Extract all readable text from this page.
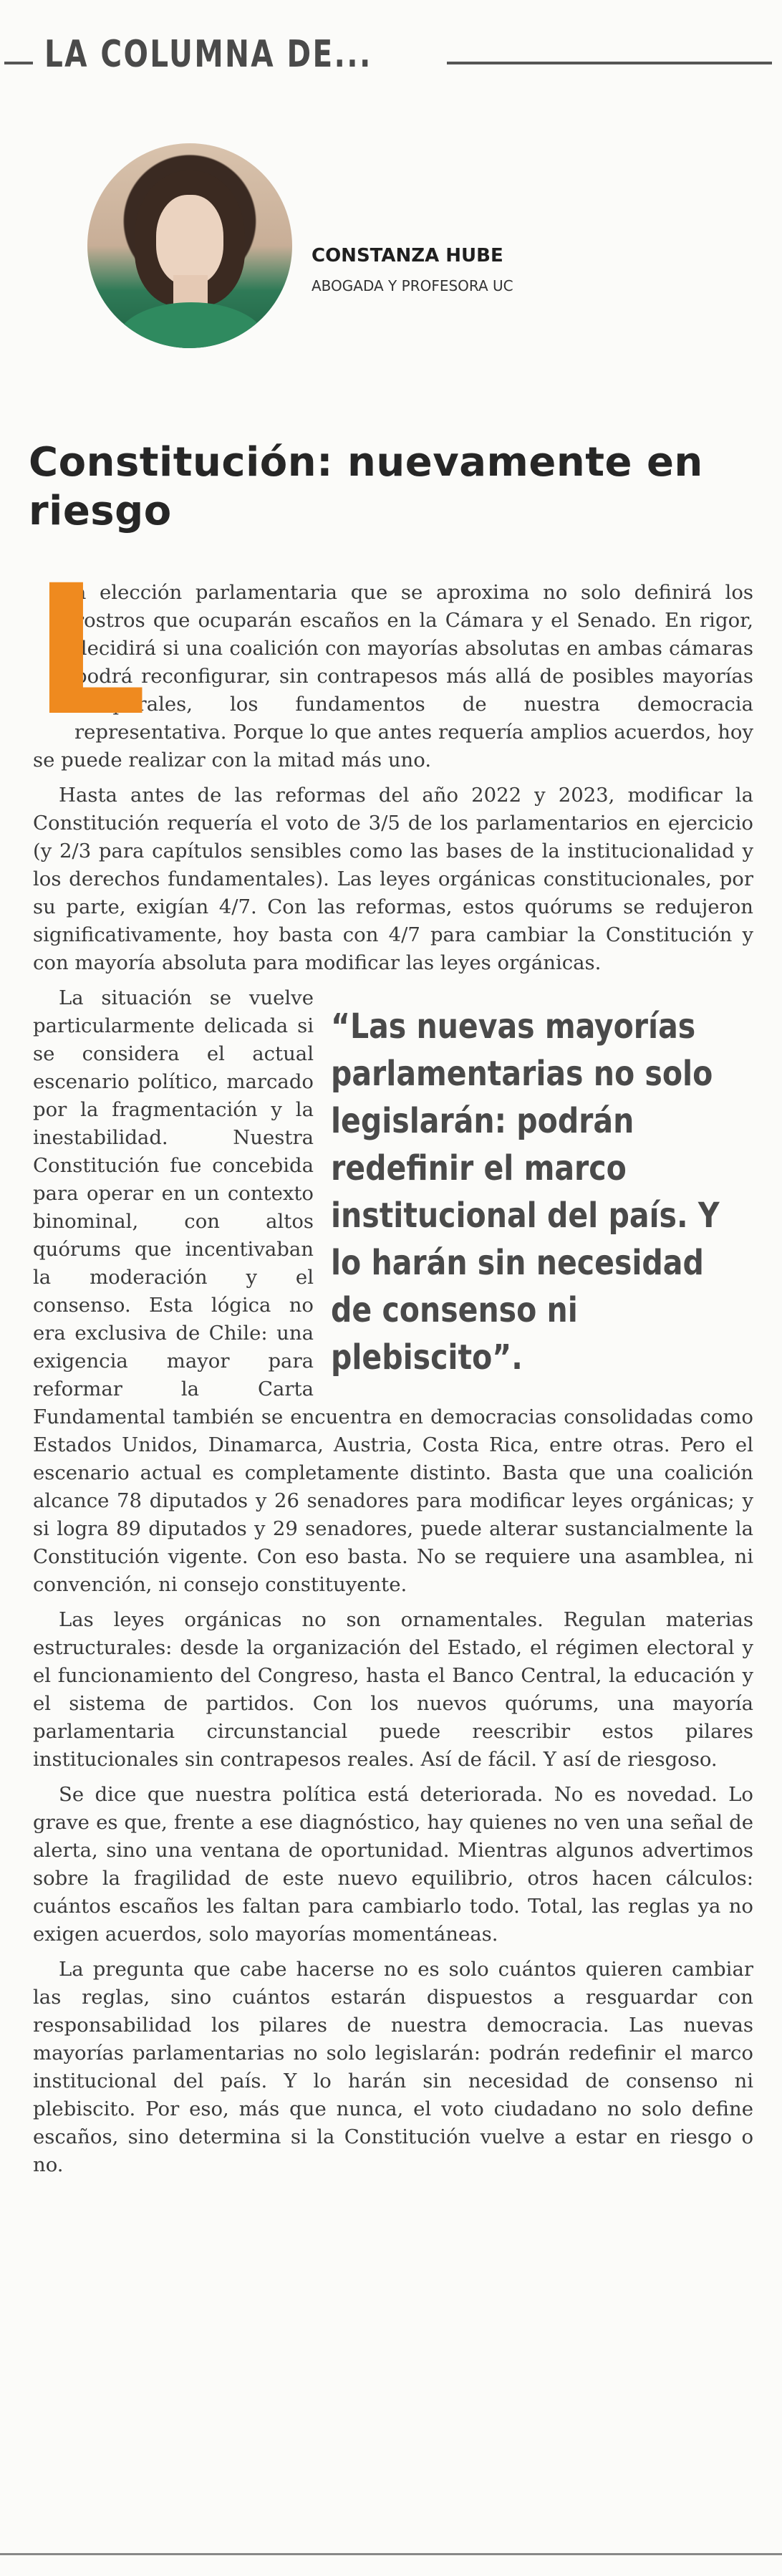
LA COLUMNA DE...
CONSTANZA HUBE
ABOGADA Y PROFESORA UC
Constitución: nuevamente en riesgo
L

a elección parlamentaria que se aproxima no solo definirá los rostros que ocuparán escaños en la Cámara y el Senado. En rigor, decidirá si una coalición con mayorías absolutas en ambas cámaras podrá reconfigurar, sin contrapesos más allá de posibles mayorías temporales, los fundamentos de nuestra democracia representativa. Porque lo que antes requería amplios acuerdos, hoy se puede realizar con la mitad más uno.

Hasta antes de las reformas del año 2022 y 2023, modificar la Constitución requería el voto de 3/5 de los parlamentarios en ejercicio (y 2/3 para capítulos sensibles como las bases de la institucionalidad y los derechos fundamentales). Las leyes orgánicas constitucionales, por su parte, exigían 4/7. Con las reformas, estos quórums se redujeron significativamente, hoy basta con 4/7 para cambiar la Constitución y con mayoría absoluta para modificar las leyes orgánicas.

“Las nuevas mayorías parlamentarias no solo legislarán: podrán redefinir el marco institucional del país. Y lo harán sin necesidad de consenso ni plebiscito”.

La situación se vuelve particularmente delicada si se considera el actual escenario político, marcado por la fragmentación y la inestabilidad. Nuestra Constitución fue concebida para operar en un contexto binominal, con altos quórums que incentivaban la moderación y el consenso. Esta lógica no era exclusiva de Chile: una exigencia mayor para reformar la Carta Fundamental también se encuentra en democracias consolidadas como Estados Unidos, Dinamarca, Austria, Costa Rica, entre otras. Pero el escenario actual es completamente distinto. Basta que una coalición alcance 78 diputados y 26 senadores para modificar leyes orgánicas; y si logra 89 diputados y 29 senadores, puede alterar sustancialmente la Constitución vigente. Con eso basta. No se requiere una asamblea, ni convención, ni consejo constituyente.

Las leyes orgánicas no son ornamentales. Regulan materias estructurales: desde la organización del Estado, el régimen electoral y el funcionamiento del Congreso, hasta el Banco Central, la educación y el sistema de partidos. Con los nuevos quórums, una mayoría parlamentaria circunstancial puede reescribir estos pilares institucionales sin contrapesos reales. Así de fácil. Y así de riesgoso.

Se dice que nuestra política está deteriorada. No es novedad. Lo grave es que, frente a ese diagnóstico, hay quienes no ven una señal de alerta, sino una ventana de oportunidad. Mientras algunos advertimos sobre la fragilidad de este nuevo equilibrio, otros hacen cálculos: cuántos escaños les faltan para cambiarlo todo. Total, las reglas ya no exigen acuerdos, solo mayorías momentáneas.

La pregunta que cabe hacerse no es solo cuántos quieren cambiar las reglas, sino cuántos estarán dispuestos a resguardar con responsabilidad los pilares de nuestra democracia. Las nuevas mayorías parlamentarias no solo legislarán: podrán redefinir el marco institucional del país. Y lo harán sin necesidad de consenso ni plebiscito. Por eso, más que nunca, el voto ciudadano no solo define escaños, sino determina si la Constitución vuelve a estar en riesgo o no.
